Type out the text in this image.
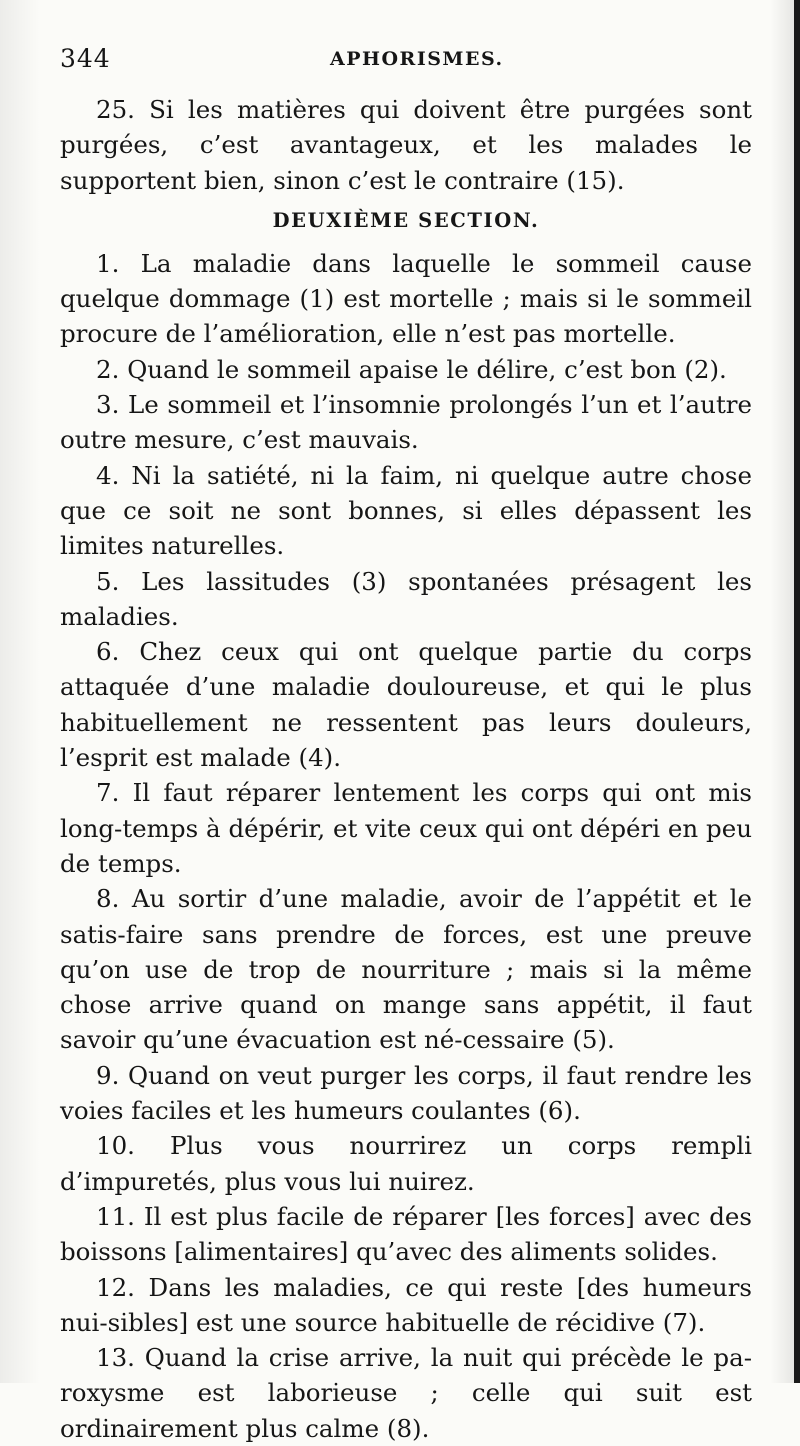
344	APHORISMES.

25. Si les matières qui doivent être purgées sont purgées, c’est avantageux, et les malades le supportent bien, sinon c’est le contraire (15).

DEUXIÈME SECTION.

1. La maladie dans laquelle le sommeil cause quelque dommage (1) est mortelle ; mais si le sommeil procure de l’amélioration, elle n’est pas mortelle.

2. Quand le sommeil apaise le délire, c’est bon (2).

3. Le sommeil et l’insomnie prolongés l’un et l’autre outre mesure, c’est mauvais.

4. Ni la satiété, ni la faim, ni quelque autre chose que ce soit ne sont bonnes, si elles dépassent les limites naturelles.

5. Les lassitudes (3) spontanées présagent les maladies.

6. Chez ceux qui ont quelque partie du corps attaquée d’une maladie douloureuse, et qui le plus habituellement ne ressentent pas leurs douleurs, l’esprit est malade (4).

7. Il faut réparer lentement les corps qui ont mis long-temps à dépérir, et vite ceux qui ont dépéri en peu de temps.

8. Au sortir d’une maladie, avoir de l’appétit et le satis-faire sans prendre de forces, est une preuve qu’on use de trop de nourriture ; mais si la même chose arrive quand on mange sans appétit, il faut savoir qu’une évacuation est né-cessaire (5).

9. Quand on veut purger les corps, il faut rendre les voies faciles et les humeurs coulantes (6).

10. Plus vous nourrirez un corps rempli d’impuretés, plus vous lui nuirez.

11. Il est plus facile de réparer [les forces] avec des boissons [alimentaires] qu’avec des aliments solides.

12. Dans les maladies, ce qui reste [des humeurs nui-sibles] est une source habituelle de récidive (7).

13. Quand la crise arrive, la nuit qui précède le pa-roxysme est laborieuse ; celle qui suit est ordinairement plus calme (8).
